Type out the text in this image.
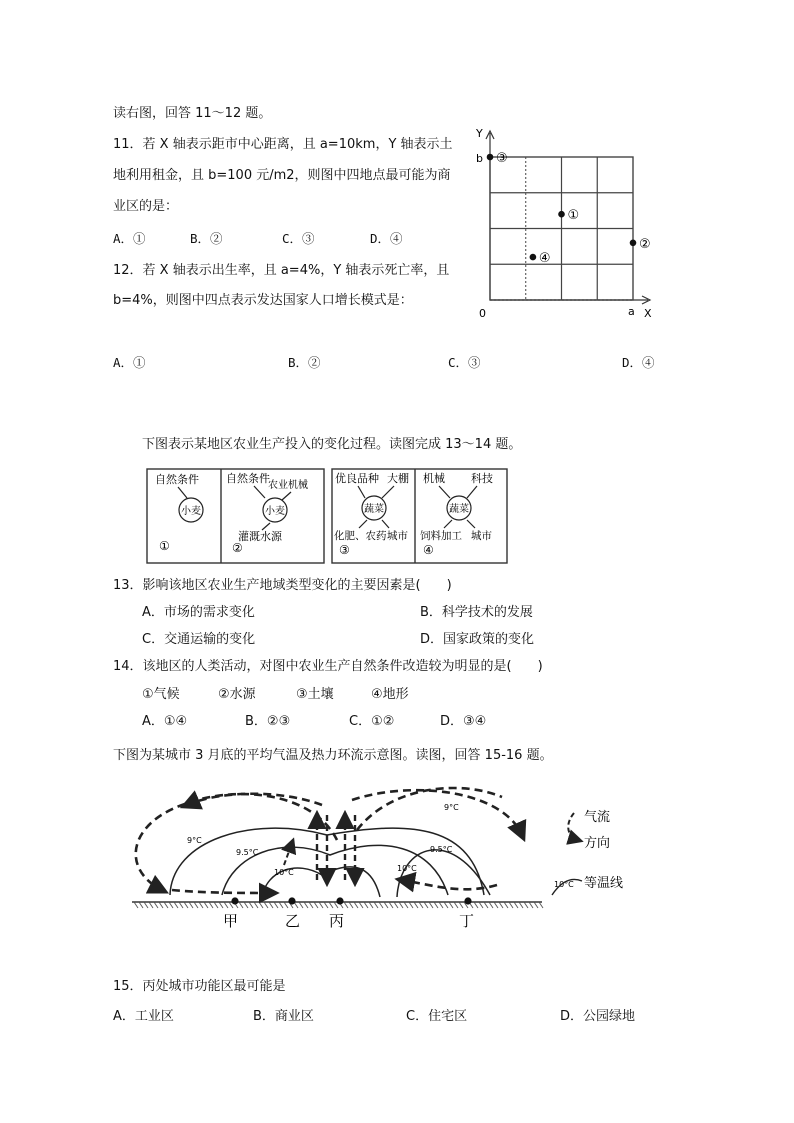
读右图，回答 11～12 题。
11．若 X 轴表示距市中心距离，且 a=10km，Y 轴表示土
地利用租金，且 b=100 元/m2，则图中四地点最可能为商
业区的是：
A．①	B．②	C．③	D．④
12．若 X 轴表示出生率，且 a=4%，Y 轴表示死亡率，且
b=4%，则图中四点表示发达国家人口增长模式是：
A．①	B．②	C．③	D．④
Y
X
b
a
0
①
②
③
④
下图表示某地区农业生产投入的变化过程。读图完成 13～14 题。
自然条件
小麦
①
自然条件
农业机械
小麦
灌溉水源
②
优良品种 大棚
蔬菜
化肥、农药 城市
③
机械 科技
蔬菜
饲料加工 城市
④
13．影响该地区农业生产地域类型变化的主要因素是(　　)
A．市场的需求变化	B．科学技术的发展
C．交通运输的变化	D．国家政策的变化
14．该地区的人类活动，对图中农业生产自然条件改造较为明显的是(　　)
①气候	②水源	③土壤	④地形
A．①④	B．②③	C．①②	D．③④
下图为某城市 3 月底的平均气温及热力环流示意图。读图，回答 15-16 题。
9°C
9°C
9.5°C	9.5°C
10°C	10°C
甲	乙 丙	丁
气流
方向
10°C 等温线
15．丙处城市功能区最可能是
A．工业区	B．商业区	C．住宅区	D．公园绿地
